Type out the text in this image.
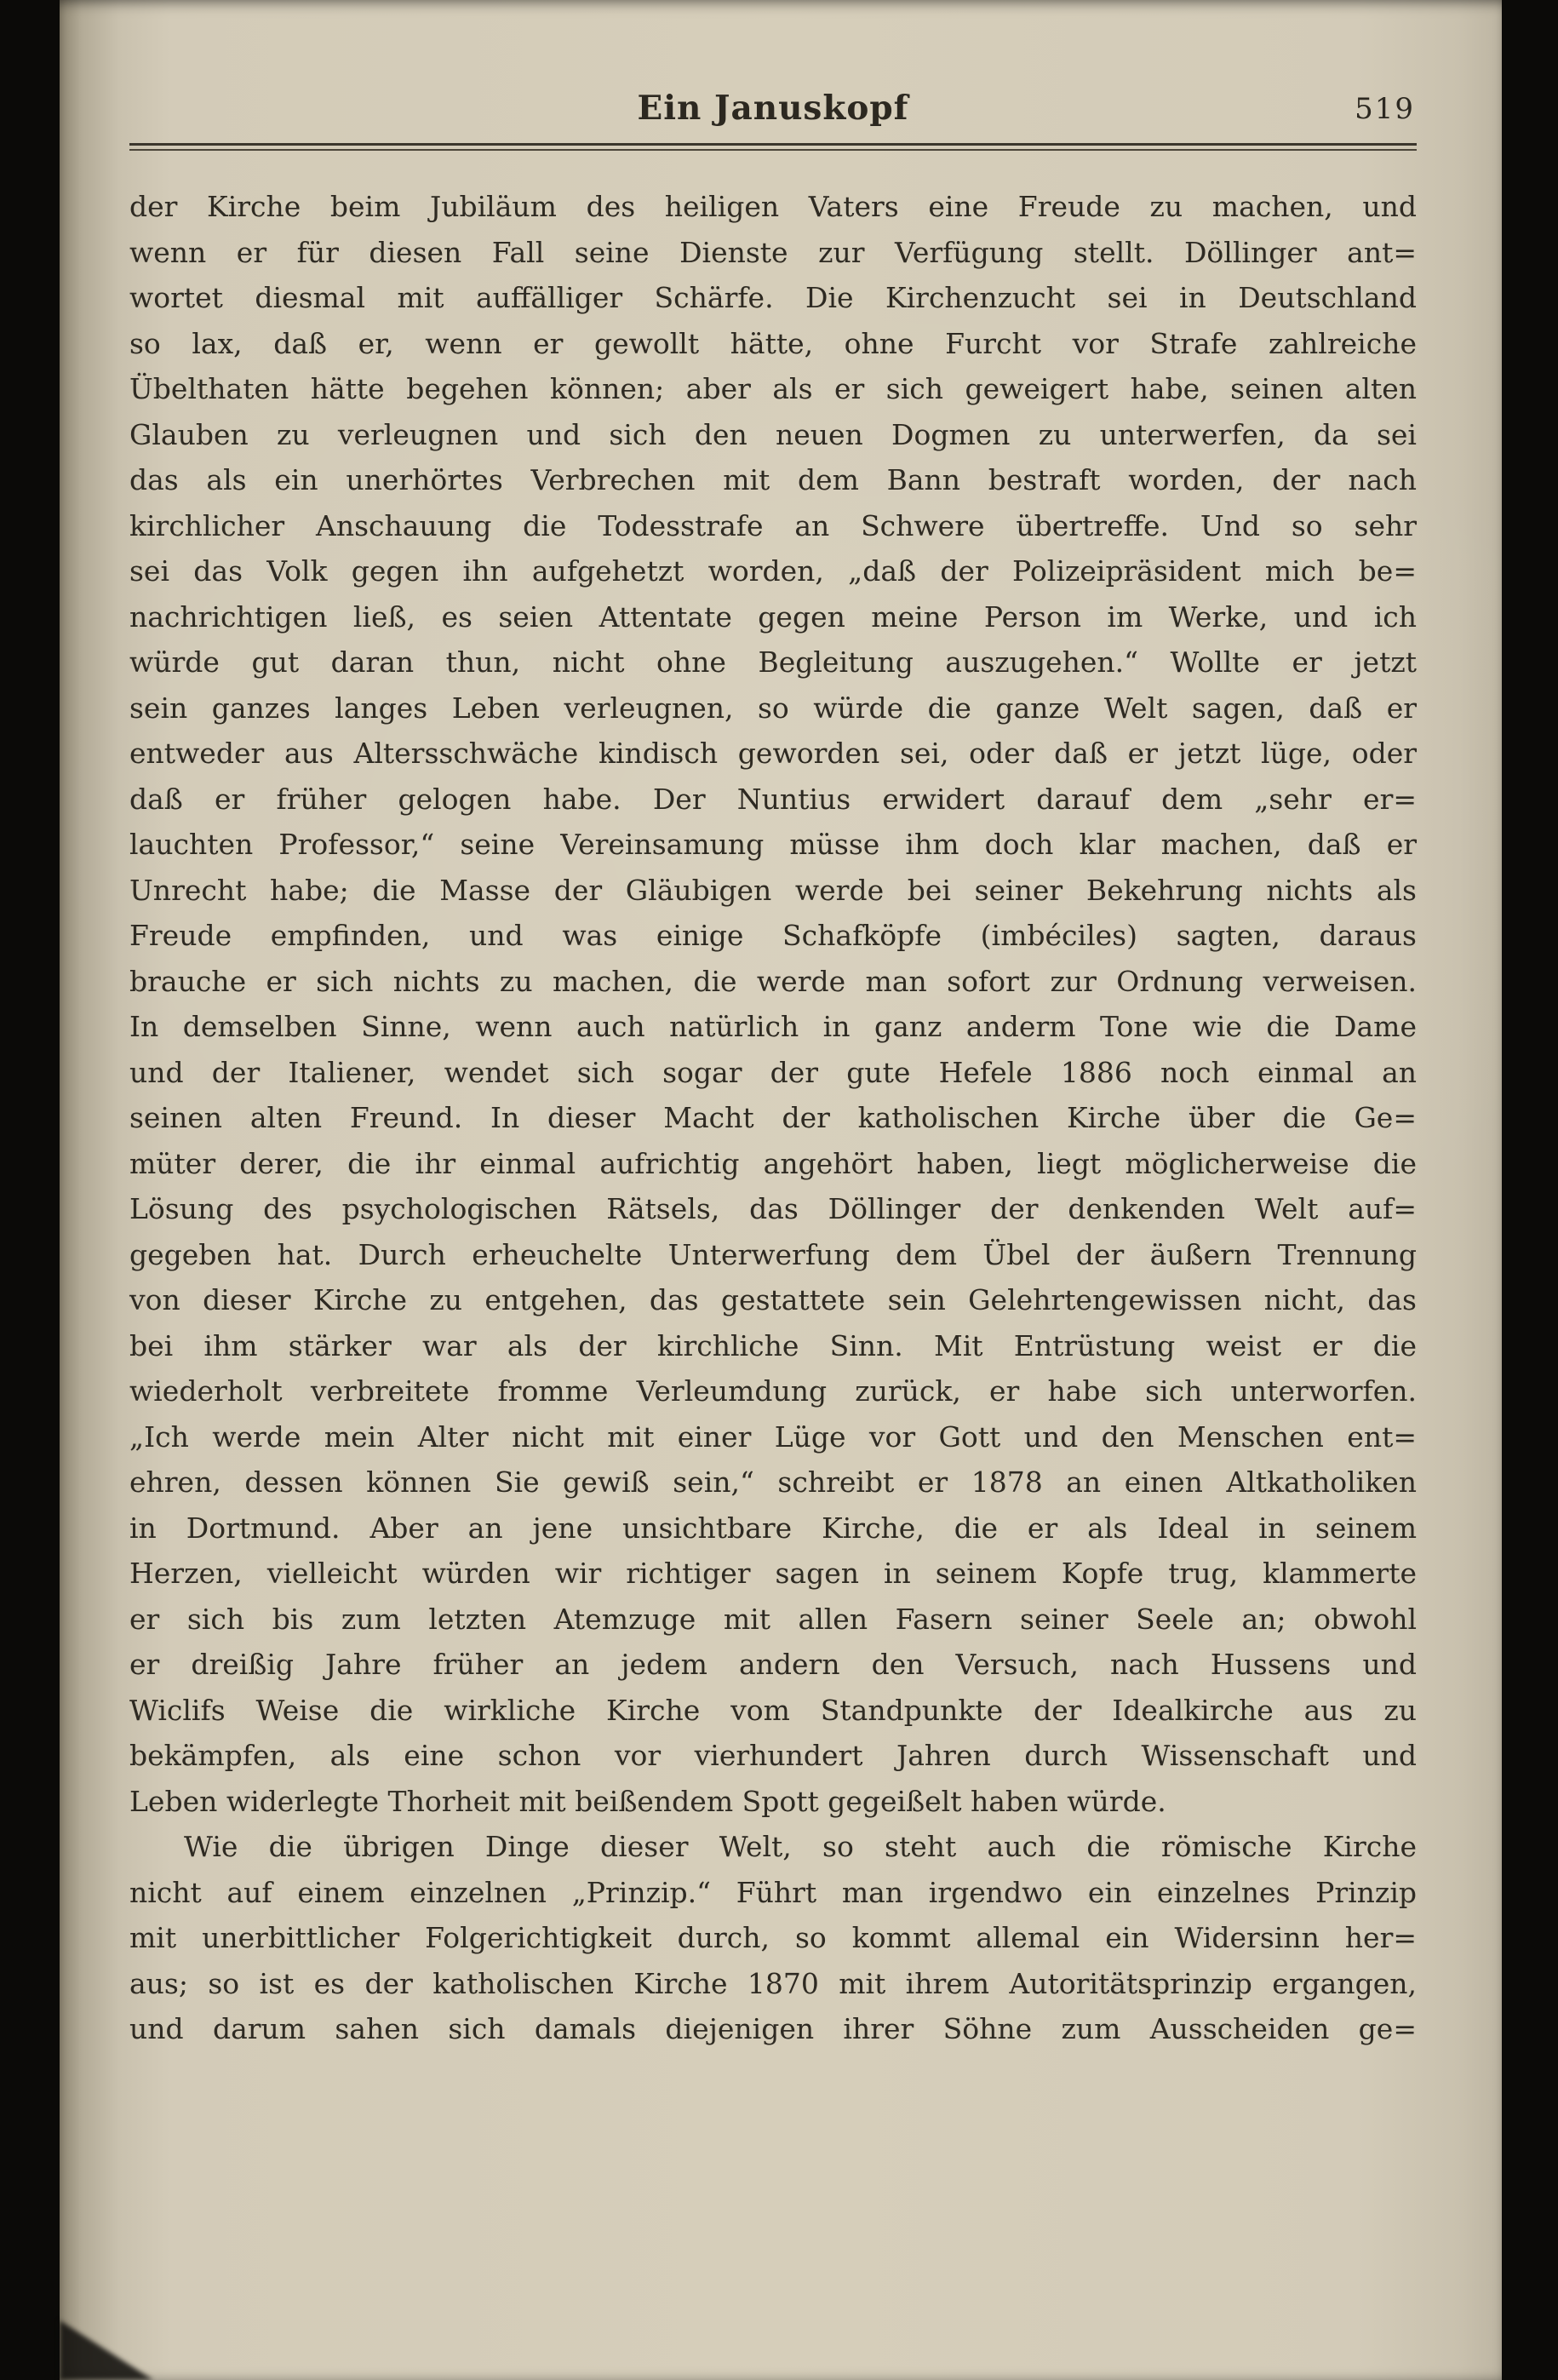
Ein Januskopf	519
der Kirche beim Jubiläum des heiligen Vaters eine Freude zu machen, und
wenn er für diesen Fall seine Dienste zur Verfügung stellt. Döllinger ant=
wortet diesmal mit auffälliger Schärfe. Die Kirchenzucht sei in Deutschland
so lax, daß er, wenn er gewollt hätte, ohne Furcht vor Strafe zahlreiche
Übelthaten hätte begehen können; aber als er sich geweigert habe, seinen alten
Glauben zu verleugnen und sich den neuen Dogmen zu unterwerfen, da sei
das als ein unerhörtes Verbrechen mit dem Bann bestraft worden, der nach
kirchlicher Anschauung die Todesstrafe an Schwere übertreffe. Und so sehr
sei das Volk gegen ihn aufgehetzt worden, „daß der Polizeipräsident mich be=
nachrichtigen ließ, es seien Attentate gegen meine Person im Werke, und ich
würde gut daran thun, nicht ohne Begleitung auszugehen.“ Wollte er jetzt
sein ganzes langes Leben verleugnen, so würde die ganze Welt sagen, daß er
entweder aus Altersschwäche kindisch geworden sei, oder daß er jetzt lüge, oder
daß er früher gelogen habe. Der Nuntius erwidert darauf dem „sehr er=
lauchten Professor,“ seine Vereinsamung müsse ihm doch klar machen, daß er
Unrecht habe; die Masse der Gläubigen werde bei seiner Bekehrung nichts als
Freude empfinden, und was einige Schafköpfe (imbéciles) sagten, daraus
brauche er sich nichts zu machen, die werde man sofort zur Ordnung verweisen.
In demselben Sinne, wenn auch natürlich in ganz anderm Tone wie die Dame
und der Italiener, wendet sich sogar der gute Hefele 1886 noch einmal an
seinen alten Freund. In dieser Macht der katholischen Kirche über die Ge=
müter derer, die ihr einmal aufrichtig angehört haben, liegt möglicherweise die
Lösung des psychologischen Rätsels, das Döllinger der denkenden Welt auf=
gegeben hat. Durch erheuchelte Unterwerfung dem Übel der äußern Trennung
von dieser Kirche zu entgehen, das gestattete sein Gelehrtengewissen nicht, das
bei ihm stärker war als der kirchliche Sinn. Mit Entrüstung weist er die
wiederholt verbreitete fromme Verleumdung zurück, er habe sich unterworfen.
„Ich werde mein Alter nicht mit einer Lüge vor Gott und den Menschen ent=
ehren, dessen können Sie gewiß sein,“ schreibt er 1878 an einen Altkatholiken
in Dortmund. Aber an jene unsichtbare Kirche, die er als Ideal in seinem
Herzen, vielleicht würden wir richtiger sagen in seinem Kopfe trug, klammerte
er sich bis zum letzten Atemzuge mit allen Fasern seiner Seele an; obwohl
er dreißig Jahre früher an jedem andern den Versuch, nach Hussens und
Wiclifs Weise die wirkliche Kirche vom Standpunkte der Idealkirche aus zu
bekämpfen, als eine schon vor vierhundert Jahren durch Wissenschaft und
Leben widerlegte Thorheit mit beißendem Spott gegeißelt haben würde.
Wie die übrigen Dinge dieser Welt, so steht auch die römische Kirche
nicht auf einem einzelnen „Prinzip.“ Führt man irgendwo ein einzelnes Prinzip
mit unerbittlicher Folgerichtigkeit durch, so kommt allemal ein Widersinn her=
aus; so ist es der katholischen Kirche 1870 mit ihrem Autoritätsprinzip ergangen,
und darum sahen sich damals diejenigen ihrer Söhne zum Ausscheiden ge=
